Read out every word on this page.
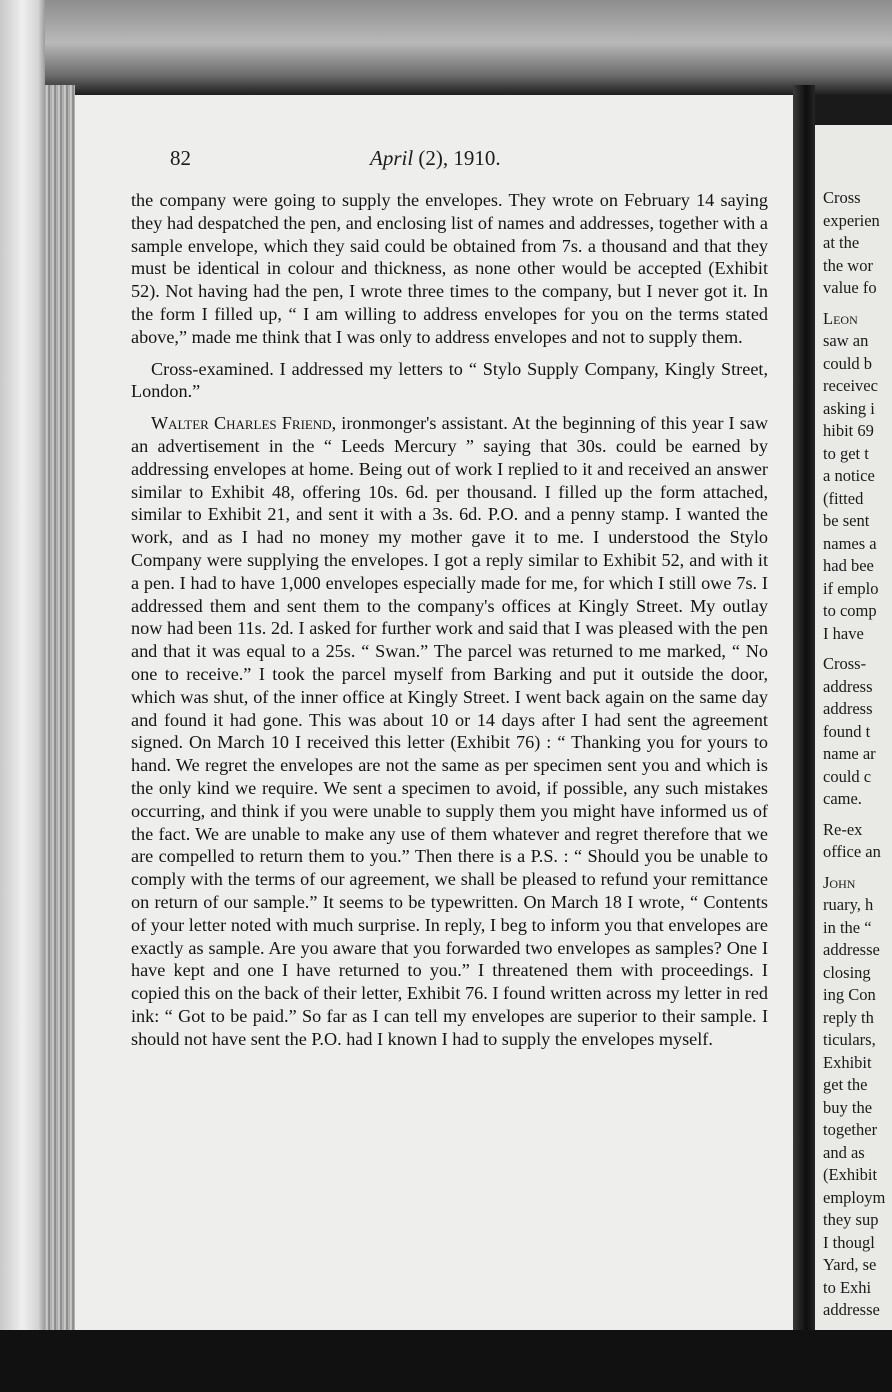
82	April (2), 1910.

the company were going to supply the envelopes. They wrote on February 14 saying they had despatched the pen, and enclosing list of names and addresses, together with a sample envelope, which they said could be obtained from 7s. a thousand and that they must be identical in colour and thickness, as none other would be accepted (Exhibit 52). Not having had the pen, I wrote three times to the company, but I never got it. In the form I filled up, “ I am willing to address envelopes for you on the terms stated above,” made me think that I was only to address envelopes and not to supply them.

Cross-examined. I addressed my letters to “ Stylo Supply Company, Kingly Street, London.”

Walter Charles Friend, ironmonger's assistant. At the beginning of this year I saw an advertisement in the “ Leeds Mercury ” saying that 30s. could be earned by addressing envelopes at home. Being out of work I replied to it and received an answer similar to Exhibit 48, offering 10s. 6d. per thousand. I filled up the form attached, similar to Exhibit 21, and sent it with a 3s. 6d. P.O. and a penny stamp. I wanted the work, and as I had no money my mother gave it to me. I understood the Stylo Company were supplying the envelopes. I got a reply similar to Exhibit 52, and with it a pen. I had to have 1,000 envelopes especially made for me, for which I still owe 7s. I addressed them and sent them to the company's offices at Kingly Street. My outlay now had been 11s. 2d. I asked for further work and said that I was pleased with the pen and that it was equal to a 25s. “ Swan.” The parcel was returned to me marked, “ No one to receive.” I took the parcel myself from Barking and put it outside the door, which was shut, of the inner office at Kingly Street. I went back again on the same day and found it had gone. This was about 10 or 14 days after I had sent the agreement signed. On March 10 I received this letter (Exhibit 76) : “ Thanking you for yours to hand. We regret the envelopes are not the same as per specimen sent you and which is the only kind we require. We sent a specimen to avoid, if possible, any such mistakes occurring, and think if you were unable to supply them you might have informed us of the fact. We are unable to make any use of them whatever and regret therefore that we are compelled to return them to you.” Then there is a P.S. : “ Should you be unable to comply with the terms of our agreement, we shall be pleased to refund your remittance on return of our sample.” It seems to be typewritten. On March 18 I wrote, “ Contents of your letter noted with much surprise. In reply, I beg to inform you that envelopes are exactly as sample. Are you aware that you forwarded two envelopes as samples? One I have kept and one I have returned to you.” I threatened them with proceedings. I copied this on the back of their letter, Exhibit 76. I found written across my letter in red ink: “ Got to be paid.” So far as I can tell my envelopes are superior to their sample. I should not have sent the P.O. had I known I had to supply the envelopes myself.

Cross
experien
at the
the wor
value fo
Leon
saw an
could b
receivec
asking i
hibit 69
to get t
a notice
(fitted
be sent
names a
had bee
if emplo
to comp
I have
Cross-
address
address
found t
name ar
could c
came.
Re-ex
office an
John
ruary, h
in the “
addresse
closing
ing Con
reply th
ticulars,
Exhibit
get the
buy the
together
and as
(Exhibit
employm
they sup
I thougl
Yard, se
to Exhi
addresse
